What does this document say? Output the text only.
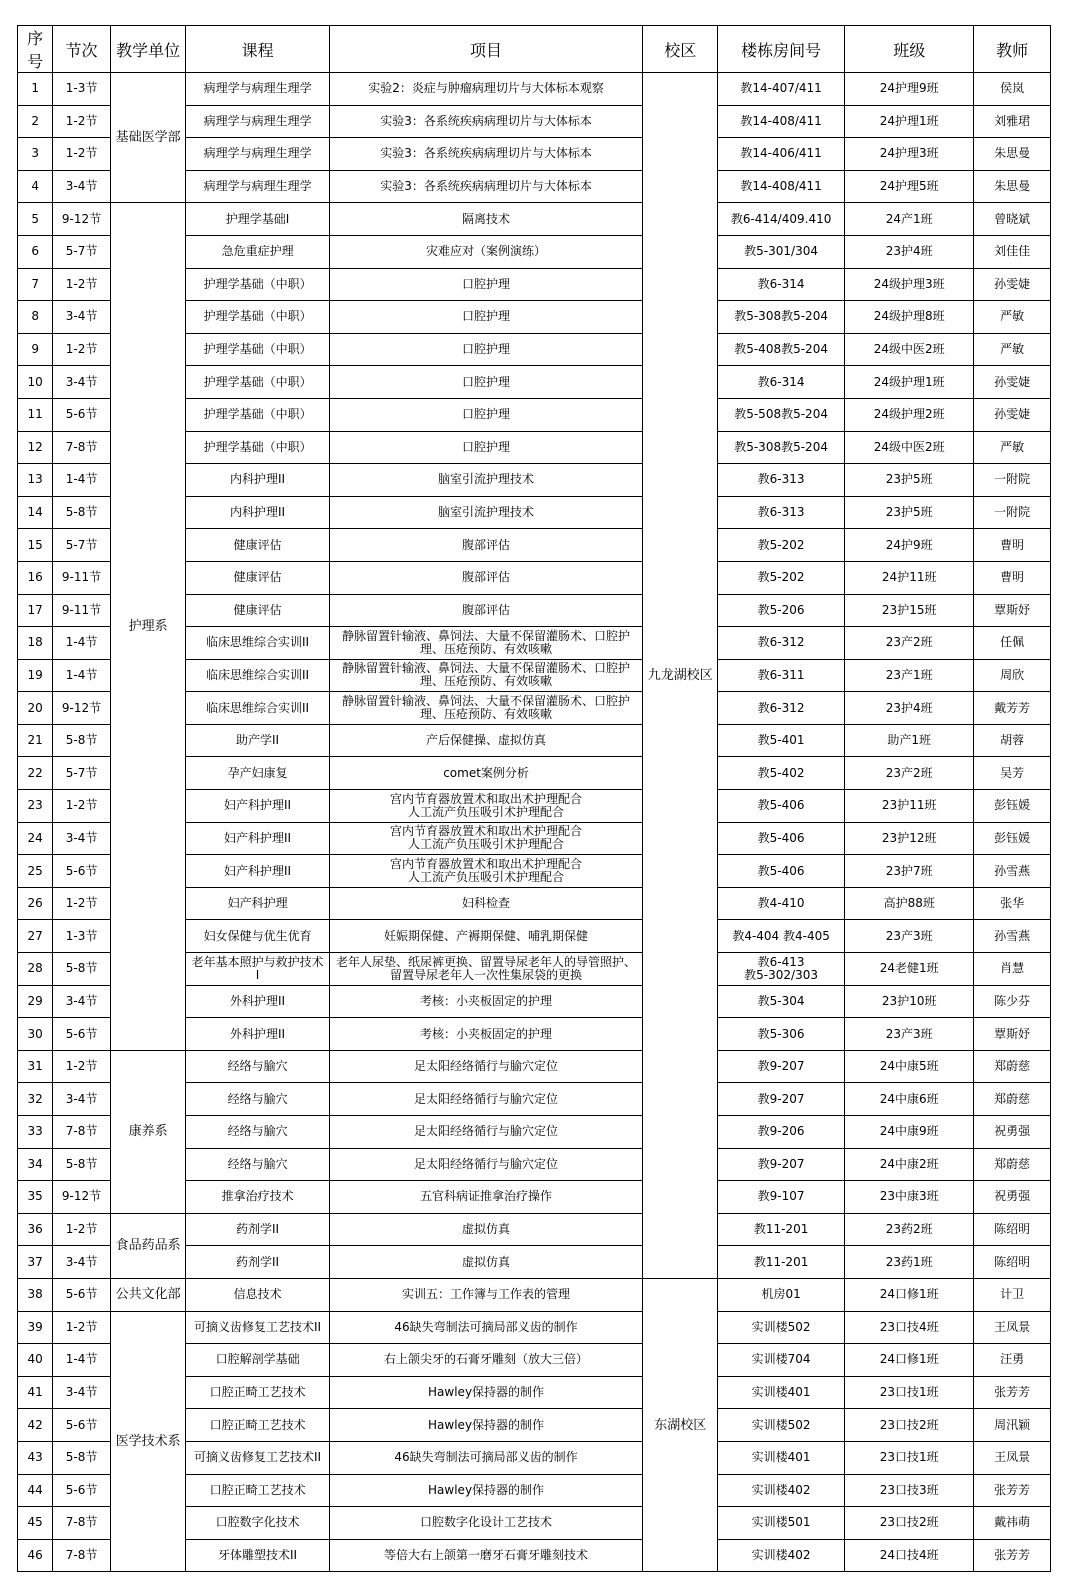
序号	节次	教学单位	课程	项目	校区	楼栋房间号	班级	教师
1	1-3节	基础医学部	病理学与病理生理学	实验2：炎症与肿瘤病理切片与大体标本观察	九龙湖校区	教14-407/411	24护理9班	侯岚
2	1-2节		病理学与病理生理学	实验3：各系统疾病病理切片与大体标本		教14-408/411	24护理1班	刘雅珺
3	1-2节		病理学与病理生理学	实验3：各系统疾病病理切片与大体标本		教14-406/411	24护理3班	朱思曼
4	3-4节		病理学与病理生理学	实验3：各系统疾病病理切片与大体标本		教14-408/411	24护理5班	朱思曼
5	9-12节	护理系	护理学基础I	隔离技术		教6-414/409.410	24产1班	曾晓斌
6	5-7节		急危重症护理	灾难应对（案例演练）		教5-301/304	23护4班	刘佳佳
7	1-2节		护理学基础（中职）	口腔护理		教6-314	24级护理3班	孙雯婕
8	3-4节		护理学基础（中职）	口腔护理		教5-308教5-204	24级护理8班	严敏
9	1-2节		护理学基础（中职）	口腔护理		教5-408教5-204	24级中医2班	严敏
10	3-4节		护理学基础（中职）	口腔护理		教6-314	24级护理1班	孙雯婕
11	5-6节		护理学基础（中职）	口腔护理		教5-508教5-204	24级护理2班	孙雯婕
12	7-8节		护理学基础（中职）	口腔护理		教5-308教5-204	24级中医2班	严敏
13	1-4节		内科护理II	脑室引流护理技术		教6-313	23护5班	一附院
14	5-8节		内科护理II	脑室引流护理技术		教6-313	23护5班	一附院
15	5-7节		健康评估	腹部评估		教5-202	24护9班	曹明
16	9-11节		健康评估	腹部评估		教5-202	24护11班	曹明
17	9-11节		健康评估	腹部评估		教5-206	23护15班	覃斯妤
18	1-4节		临床思维综合实训II	静脉留置针输液、鼻饲法、大量不保留灌肠术、口腔护理、压疮预防、有效咳嗽		教6-312	23产2班	任佩
19	1-4节		临床思维综合实训II	静脉留置针输液、鼻饲法、大量不保留灌肠术、口腔护理、压疮预防、有效咳嗽		教6-311	23产1班	周欣
20	9-12节		临床思维综合实训II	静脉留置针输液、鼻饲法、大量不保留灌肠术、口腔护理、压疮预防、有效咳嗽		教6-312	23护4班	戴芳芳
21	5-8节		助产学II	产后保健操、虚拟仿真		教5-401	助产1班	胡蓉
22	5-7节		孕产妇康复	comet案例分析		教5-402	23产2班	吴芳
23	1-2节		妇产科护理II	宫内节育器放置术和取出术护理配合
人工流产负压吸引术护理配合		教5-406	23护11班	彭钰媛
24	3-4节		妇产科护理II	宫内节育器放置术和取出术护理配合
人工流产负压吸引术护理配合		教5-406	23护12班	彭钰媛
25	5-6节		妇产科护理II	宫内节育器放置术和取出术护理配合
人工流产负压吸引术护理配合		教5-406	23护7班	孙雪燕
26	1-2节		妇产科护理	妇科检查		教4-410	高护88班	张华
27	1-3节		妇女保健与优生优育	妊娠期保健、产褥期保健、哺乳期保健		教4-404 教4-405	23产3班	孙雪燕
28	5-8节		老年基本照护与救护技术 I	老年人尿垫、纸尿裤更换、留置导尿老年人的导管照护、留置导尿老年人一次性集尿袋的更换		教6-413
教5-302/303	24老健1班	肖慧
29	3-4节		外科护理II	考核：小夹板固定的护理		教5-304	23护10班	陈少芬
30	5-6节		外科护理II	考核：小夹板固定的护理		教5-306	23产3班	覃斯妤
31	1-2节	康养系	经络与腧穴	足太阳经络循行与腧穴定位		教9-207	24中康5班	郑蔚慈
32	3-4节		经络与腧穴	足太阳经络循行与腧穴定位		教9-207	24中康6班	郑蔚慈
33	7-8节		经络与腧穴	足太阳经络循行与腧穴定位		教9-206	24中康9班	祝勇强
34	5-8节		经络与腧穴	足太阳经络循行与腧穴定位		教9-207	24中康2班	郑蔚慈
35	9-12节		推拿治疗技术	五官科病证推拿治疗操作		教9-107	23中康3班	祝勇强
36	1-2节	食品药品系	药剂学II	虚拟仿真		教11-201	23药2班	陈绍明
37	3-4节		药剂学II	虚拟仿真		教11-201	23药1班	陈绍明
38	5-6节	公共文化部	信息技术	实训五：工作簿与工作表的管理	东湖校区	机房01	24口修1班	计卫
39	1-2节	医学技术系	可摘义齿修复工艺技术II	46缺失弯制法可摘局部义齿的制作		实训楼502	23口技4班	王凤景
40	1-4节		口腔解剖学基础	右上颌尖牙的石膏牙雕刻（放大三倍）		实训楼704	24口修1班	汪勇
41	3-4节		口腔正畸工艺技术	Hawley保持器的制作		实训楼401	23口技1班	张芳芳
42	5-6节		口腔正畸工艺技术	Hawley保持器的制作		实训楼502	23口技2班	周汛颖
43	5-8节		可摘义齿修复工艺技术II	46缺失弯制法可摘局部义齿的制作		实训楼401	23口技1班	王凤景
44	5-6节		口腔正畸工艺技术	Hawley保持器的制作		实训楼402	23口技3班	张芳芳
45	7-8节		口腔数字化技术	口腔数字化设计工艺技术		实训楼501	23口技2班	戴祎萌
46	7-8节		牙体雕塑技术II	等倍大右上颌第一磨牙石膏牙雕刻技术		实训楼402	24口技4班	张芳芳
